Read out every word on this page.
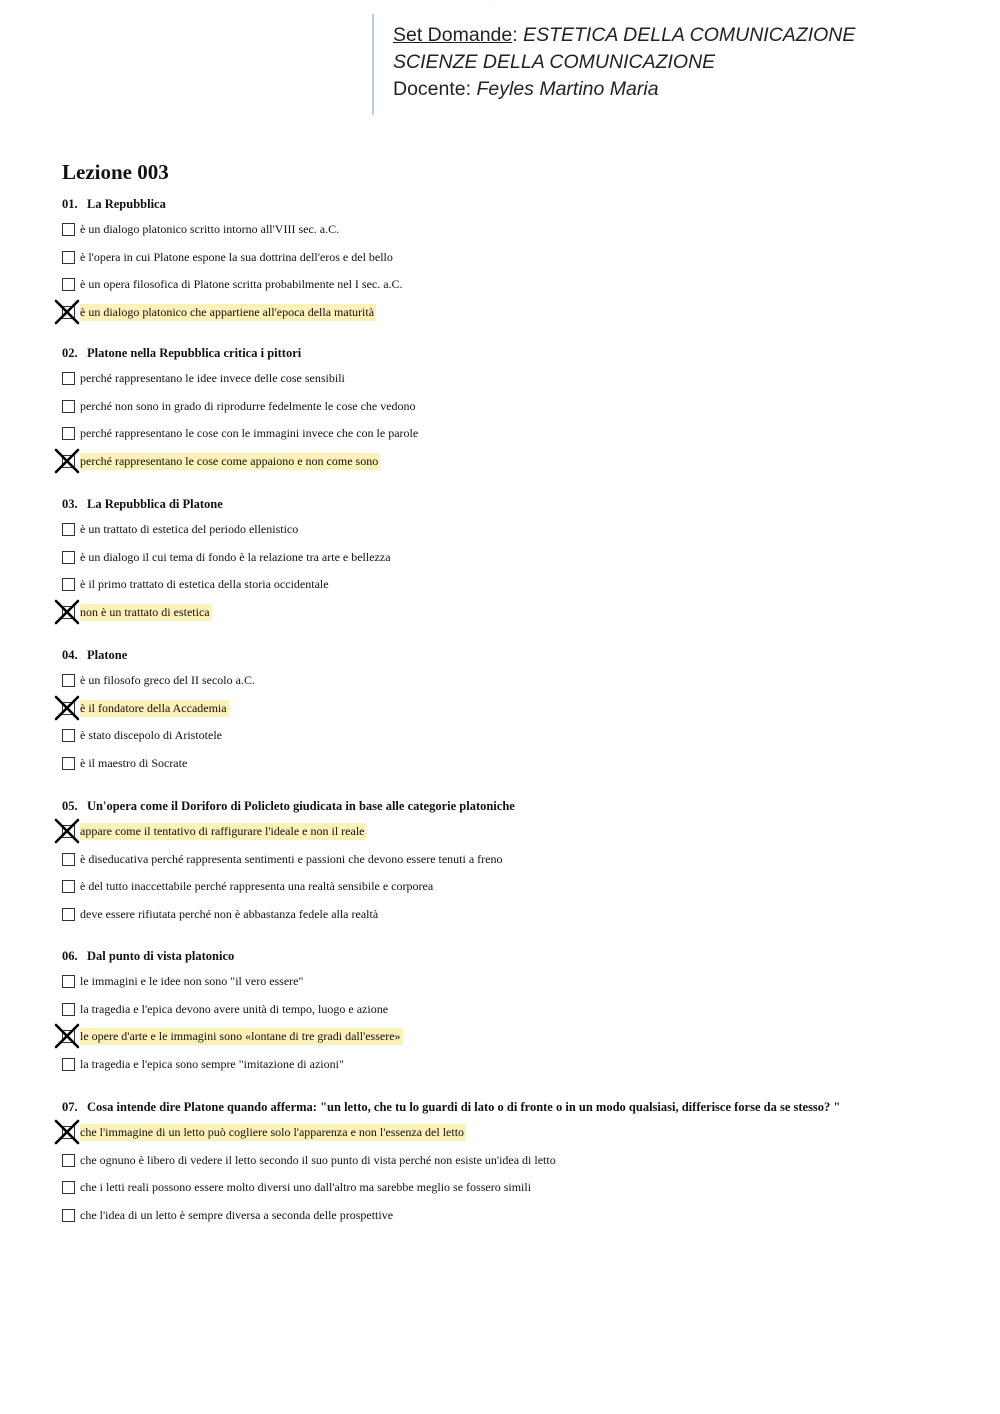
· · ·
Set Domande: ESTETICA DELLA COMUNICAZIONE
SCIENZE DELLA COMUNICAZIONE
Docente: Feyles Martino Maria
Lezione 003
01. La Repubblica
è un dialogo platonico scritto intorno all'VIII sec. a.C.
è l'opera in cui Platone espone la sua dottrina dell'eros e del bello
è un opera filosofica di Platone scritta probabilmente nel I sec. a.C.
è un dialogo platonico che appartiene all'epoca della maturità
02. Platone nella Repubblica critica i pittori
perché rappresentano le idee invece delle cose sensibili
perché non sono in grado di riprodurre fedelmente le cose che vedono
perché rappresentano le cose con le immagini invece che con le parole
perché rappresentano le cose come appaiono e non come sono
03. La Repubblica di Platone
è un trattato di estetica del periodo ellenistico
è un dialogo il cui tema di fondo è la relazione tra arte e bellezza
è il primo trattato di estetica della storia occidentale
non è un trattato di estetica
04. Platone
è un filosofo greco del II secolo a.C.
è il fondatore della Accademia
è stato discepolo di Aristotele
è il maestro di Socrate
05. Un'opera come il Doriforo di Policleto giudicata in base alle categorie platoniche
appare come il tentativo di raffigurare l'ideale e non il reale
è diseducativa perché rappresenta sentimenti e passioni che devono essere tenuti a freno
è del tutto inaccettabile perché rappresenta una realtà sensibile e corporea
deve essere rifiutata perché non è abbastanza fedele alla realtà
06. Dal punto di vista platonico
le immagini e le idee non sono "il vero essere"
la tragedia e l'epica devono avere unità di tempo, luogo e azione
le opere d'arte e le immagini sono «lontane di tre gradi dall'essere»
la tragedia e l'epica sono sempre "imitazione di azioni"
07. Cosa intende dire Platone quando afferma: "un letto, che tu lo guardi di lato o di fronte o in un modo qualsiasi, differisce forse da se stesso? "
che l'immagine di un letto può cogliere solo l'apparenza e non l'essenza del letto
che ognuno è libero di vedere il letto secondo il suo punto di vista perché non esiste un'idea di letto
che i letti reali possono essere molto diversi uno dall'altro ma sarebbe meglio se fossero simili
che l'idea di un letto è sempre diversa a seconda delle prospettive
